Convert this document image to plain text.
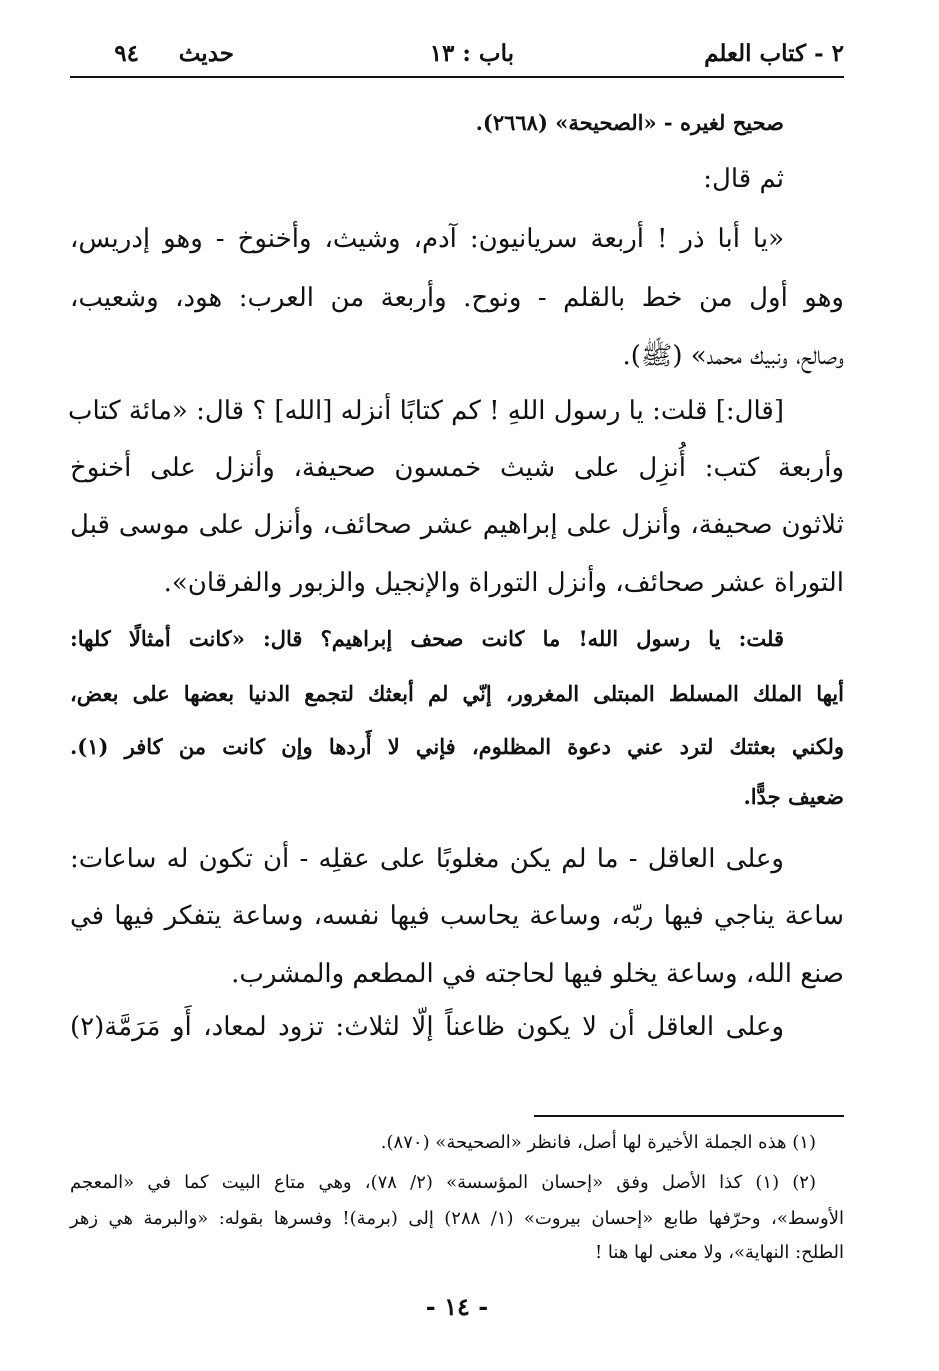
٢ - كتاب العلم
باب : ١٣
حديث
٩٤
صحيح لغيره - «الصحيحة» (٢٦٦٨).
ثم قال:
«يا أبا ذر ! أربعة سريانيون: آدم، وشيث، وأخنوخ - وهو إدريس،
وهو أول من خط بالقلم - ونوح. وأربعة من العرب: هود، وشعيب،
وصالح، ونبيك محمد» (ﷺ).
[قال:] قلت: يا رسول اللهِ ! كم كتابًا أنزله [الله] ؟ قال: «مائة كتاب
وأربعة كتب: أُنزِل على شيث خمسون صحيفة، وأنزل على أخنوخ
ثلاثون صحيفة، وأنزل على إبراهيم عشر صحائف، وأنزل على موسى قبل
التوراة عشر صحائف، وأنزل التوراة والإنجيل والزبور والفرقان».
قلت: يا رسول الله! ما كانت صحف إبراهيم؟ قال: «كانت أمثالًا كلها:
أيها الملك المسلط المبتلى المغرور، إنّي لم أبعثك لتجمع الدنيا بعضها على بعض،
ولكني بعثتك لترد عني دعوة المظلوم، فإني لا أَردها وإن كانت من كافر (١).
ضعيف جدًّا.
وعلى العاقل - ما لم يكن مغلوبًا على عقلِه - أن تكون له ساعات:
ساعة يناجي فيها ربّه، وساعة يحاسب فيها نفسه، وساعة يتفكر فيها في
صنع الله، وساعة يخلو فيها لحاجته في المطعم والمشرب.
وعلى العاقل أن لا يكون ظاعناً إلّا لثلاث: تزود لمعاد، أَو مَرَمَّة(٢)
(١) هذه الجملة الأخيرة لها أصل، فانظر «الصحيحة» (٨٧٠).
(٢) (١) كذا الأصل وفق «إحسان المؤسسة» (٢/ ٧٨)، وهي متاع البيت كما في «المعجم
الأوسط»، وحرّفها طابع «إحسان بيروت» (١/ ٢٨٨) إلى (برمة)! وفسرها بقوله: «والبرمة هي زهر
الطلح: النهاية»، ولا معنى لها هنا !
- ١٤ -
